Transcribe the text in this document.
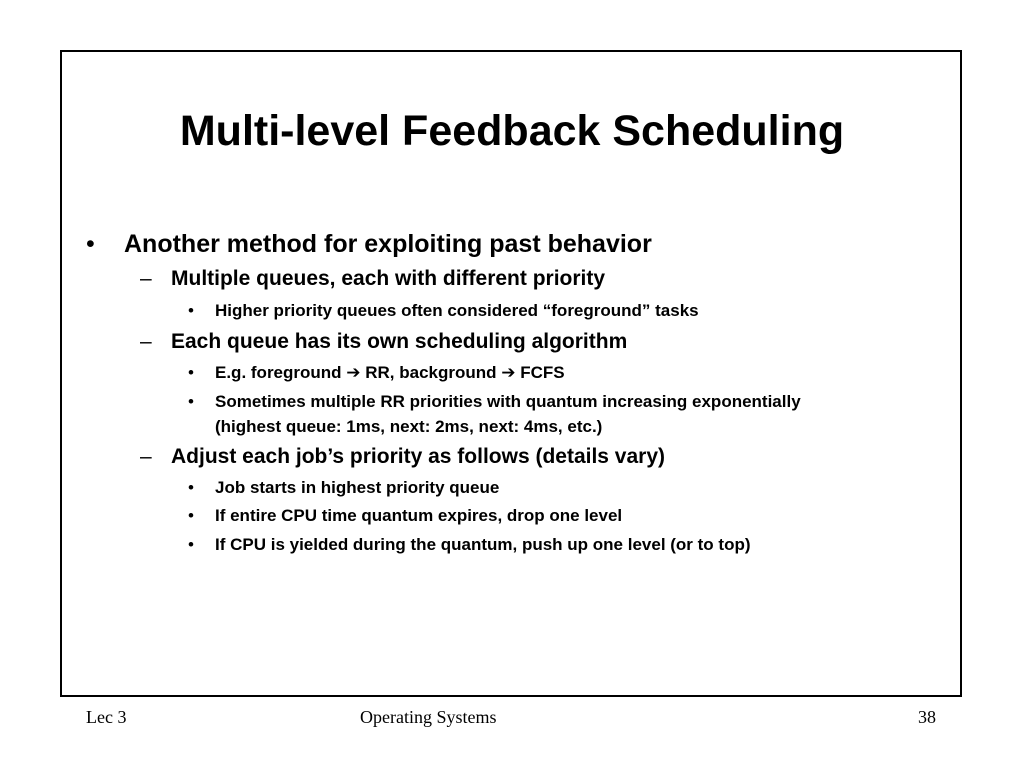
Multi-level Feedback Scheduling
• Another method for exploiting past behavior

– Multiple queues, each with different priority

• Higher priority queues often considered “foreground” tasks

– Each queue has its own scheduling algorithm

• E.g. foreground ➔ RR, background ➔ FCFS

• Sometimes multiple RR priorities with quantum increasing exponentially

(highest queue: 1ms, next: 2ms, next: 4ms, etc.)

– Adjust each job’s priority as follows (details vary)

• Job starts in highest priority queue

• If entire CPU time quantum expires, drop one level

• If CPU is yielded during the quantum, push up one level (or to top)

Lec 3	Operating Systems	38
